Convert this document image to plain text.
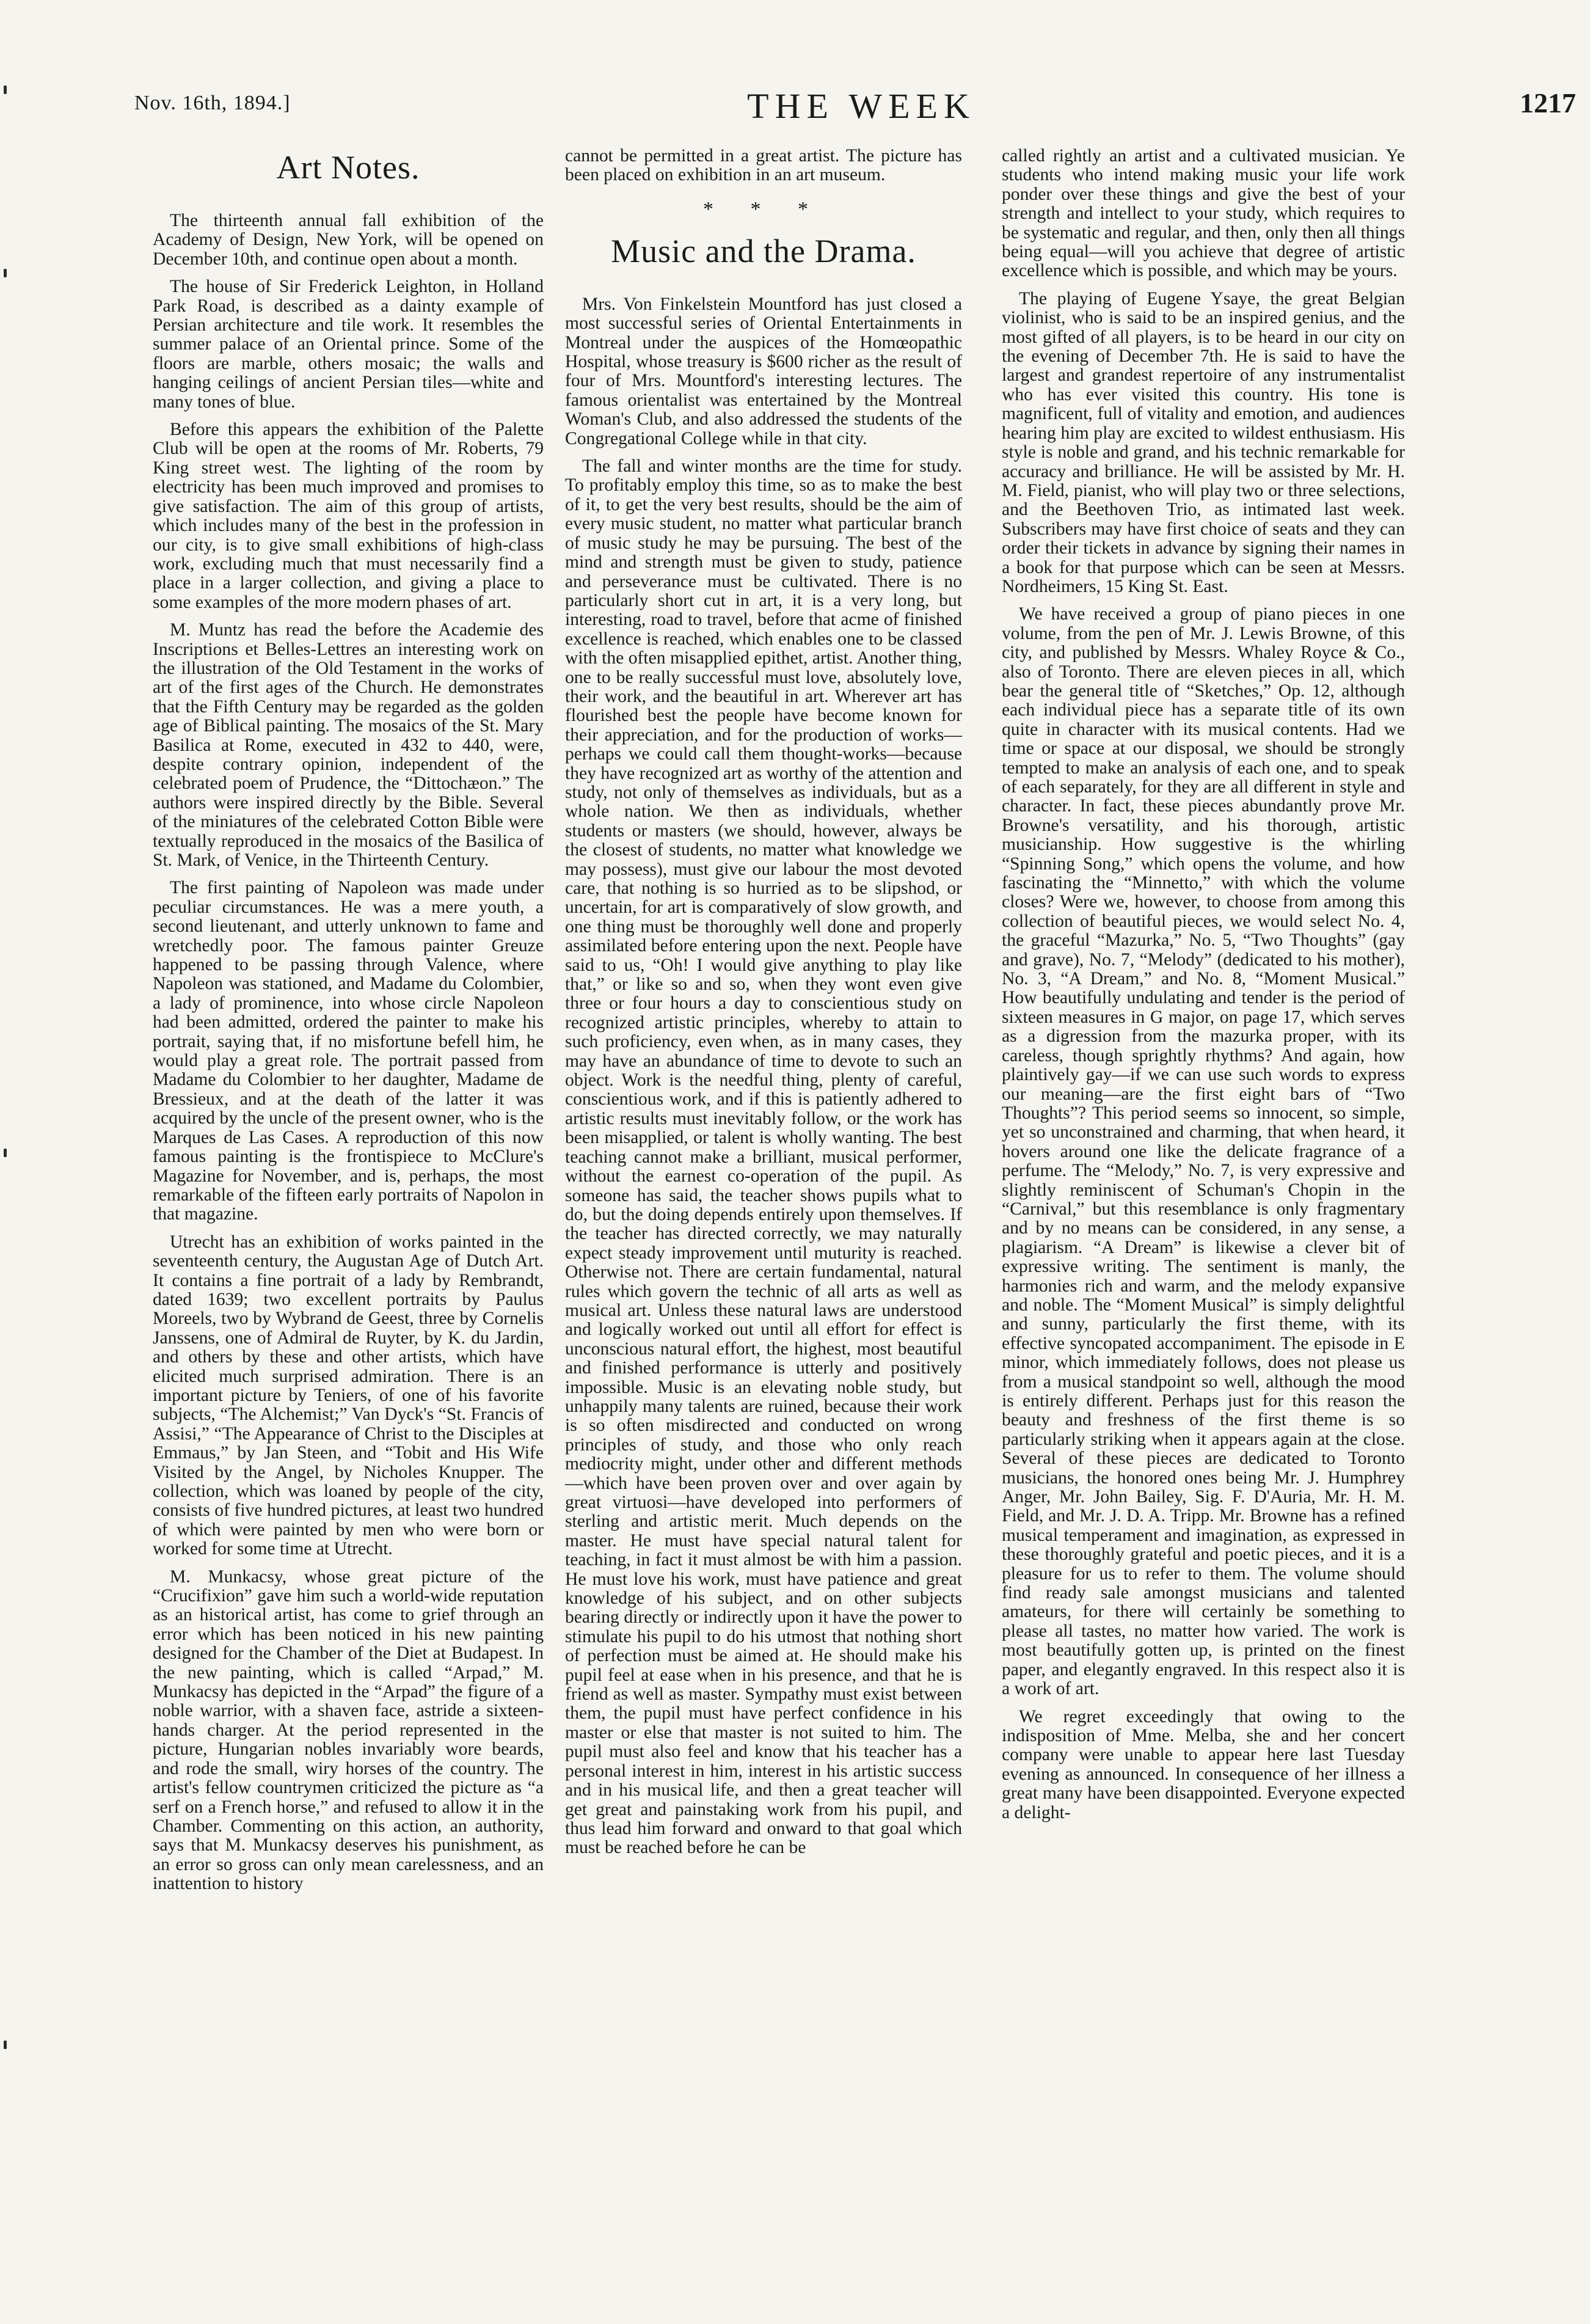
Nov. 16th, 1894.]	THE WEEK	1217
Art Notes.

The thirteenth annual fall exhibition of the Academy of Design, New York, will be opened on December 10th, and continue open about a month.

The house of Sir Frederick Leighton, in Holland Park Road, is described as a dainty example of Persian architecture and tile work. It resembles the summer palace of an Oriental prince. Some of the floors are marble, others mosaic; the walls and hanging ceilings of ancient Persian tiles—white and many tones of blue.

Before this appears the exhibition of the Palette Club will be open at the rooms of Mr. Roberts, 79 King street west. The lighting of the room by electricity has been much improved and promises to give satisfaction. The aim of this group of artists, which includes many of the best in the profession in our city, is to give small exhibitions of high-class work, excluding much that must necessarily find a place in a larger collection, and giving a place to some examples of the more modern phases of art.

M. Muntz has read the before the Academie des Inscriptions et Belles-Lettres an interesting work on the illustration of the Old Testament in the works of art of the first ages of the Church. He demonstrates that the Fifth Century may be regarded as the golden age of Biblical painting. The mosaics of the St. Mary Basilica at Rome, executed in 432 to 440, were, despite contrary opinion, independent of the celebrated poem of Prudence, the “Dittochæon.” The authors were inspired directly by the Bible. Several of the miniatures of the celebrated Cotton Bible were textually reproduced in the mosaics of the Basilica of St. Mark, of Venice, in the Thirteenth Century.

The first painting of Napoleon was made under peculiar circumstances. He was a mere youth, a second lieutenant, and utterly unknown to fame and wretchedly poor. The famous painter Greuze happened to be passing through Valence, where Napoleon was stationed, and Madame du Colombier, a lady of prominence, into whose circle Napoleon had been admitted, ordered the painter to make his portrait, saying that, if no misfortune befell him, he would play a great role. The portrait passed from Madame du Colombier to her daughter, Madame de Bressieux, and at the death of the latter it was acquired by the uncle of the present owner, who is the Marques de Las Cases. A reproduction of this now famous painting is the frontispiece to McClure's Magazine for November, and is, perhaps, the most remarkable of the fifteen early portraits of Napolon in that magazine.

Utrecht has an exhibition of works painted in the seventeenth century, the Augustan Age of Dutch Art. It contains a fine portrait of a lady by Rembrandt, dated 1639; two excellent portraits by Paulus Moreels, two by Wybrand de Geest, three by Cornelis Janssens, one of Admiral de Ruyter, by K. du Jardin, and others by these and other artists, which have elicited much surprised admiration. There is an important picture by Teniers, of one of his favorite subjects, “The Alchemist;” Van Dyck's “St. Francis of Assisi,” “The Appearance of Christ to the Disciples at Emmaus,” by Jan Steen, and “Tobit and His Wife Visited by the Angel, by Nicholes Knupper. The collection, which was loaned by people of the city, consists of five hundred pictures, at least two hundred of which were painted by men who were born or worked for some time at Utrecht.

M. Munkacsy, whose great picture of the “Crucifixion” gave him such a world-wide reputation as an historical artist, has come to grief through an error which has been noticed in his new painting designed for the Chamber of the Diet at Budapest. In the new painting, which is called “Arpad,” M. Munkacsy has depicted in the “Arpad” the figure of a noble warrior, with a shaven face, astride a sixteen-hands charger. At the period represented in the picture, Hungarian nobles invariably wore beards, and rode the small, wiry horses of the country. The artist's fellow countrymen criticized the picture as “a serf on a French horse,” and refused to allow it in the Chamber. Commenting on this action, an authority, says that M. Munkacsy deserves his punishment, as an error so gross can only mean carelessness, and an inattention to history

cannot be permitted in a great artist. The picture has been placed on exhibition in an art museum.

* * *
Music and the Drama.

Mrs. Von Finkelstein Mountford has just closed a most successful series of Oriental Entertainments in Montreal under the auspices of the Homœopathic Hospital, whose treasury is $600 richer as the result of four of Mrs. Mountford's interesting lectures. The famous orientalist was entertained by the Montreal Woman's Club, and also addressed the students of the Congregational College while in that city.

The fall and winter months are the time for study. To profitably employ this time, so as to make the best of it, to get the very best results, should be the aim of every music student, no matter what particular branch of music study he may be pursuing. The best of the mind and strength must be given to study, patience and perseverance must be cultivated. There is no particularly short cut in art, it is a very long, but interesting, road to travel, before that acme of finished excellence is reached, which enables one to be classed with the often misapplied epithet, artist. Another thing, one to be really successful must love, absolutely love, their work, and the beautiful in art. Wherever art has flourished best the people have become known for their appreciation, and for the production of works—perhaps we could call them thought-works—because they have recognized art as worthy of the attention and study, not only of themselves as individuals, but as a whole nation. We then as individuals, whether students or masters (we should, however, always be the closest of students, no matter what knowledge we may possess), must give our labour the most devoted care, that nothing is so hurried as to be slipshod, or uncertain, for art is comparatively of slow growth, and one thing must be thoroughly well done and properly assimilated before entering upon the next. People have said to us, “Oh! I would give anything to play like that,” or like so and so, when they wont even give three or four hours a day to conscientious study on recognized artistic principles, whereby to attain to such proficiency, even when, as in many cases, they may have an abundance of time to devote to such an object. Work is the needful thing, plenty of careful, conscientious work, and if this is patiently adhered to artistic results must inevitably follow, or the work has been misapplied, or talent is wholly wanting. The best teaching cannot make a brilliant, musical performer, without the earnest co-operation of the pupil. As someone has said, the teacher shows pupils what to do, but the doing depends entirely upon themselves. If the teacher has directed correctly, we may naturally expect steady improvement until muturity is reached. Otherwise not. There are certain fundamental, natural rules which govern the technic of all arts as well as musical art. Unless these natural laws are understood and logically worked out until all effort for effect is unconscious natural effort, the highest, most beautiful and finished performance is utterly and positively impossible. Music is an elevating noble study, but unhappily many talents are ruined, because their work is so often misdirected and conducted on wrong principles of study, and those who only reach mediocrity might, under other and different methods—which have been proven over and over again by great virtuosi—have developed into performers of sterling and artistic merit. Much depends on the master. He must have special natural talent for teaching, in fact it must almost be with him a passion. He must love his work, must have patience and great knowledge of his subject, and on other subjects bearing directly or indirectly upon it have the power to stimulate his pupil to do his utmost that nothing short of perfection must be aimed at. He should make his pupil feel at ease when in his presence, and that he is friend as well as master. Sympathy must exist between them, the pupil must have perfect confidence in his master or else that master is not suited to him. The pupil must also feel and know that his teacher has a personal interest in him, interest in his artistic success and in his musical life, and then a great teacher will get great and painstaking work from his pupil, and thus lead him forward and onward to that goal which must be reached before he can be

called rightly an artist and a cultivated musician. Ye students who intend making music your life work ponder over these things and give the best of your strength and intellect to your study, which requires to be systematic and regular, and then, only then all things being equal—will you achieve that degree of artistic excellence which is possible, and which may be yours.

The playing of Eugene Ysaye, the great Belgian violinist, who is said to be an inspired genius, and the most gifted of all players, is to be heard in our city on the evening of December 7th. He is said to have the largest and grandest repertoire of any instrumentalist who has ever visited this country. His tone is magnificent, full of vitality and emotion, and audiences hearing him play are excited to wildest enthusiasm. His style is noble and grand, and his technic remarkable for accuracy and brilliance. He will be assisted by Mr. H. M. Field, pianist, who will play two or three selections, and the Beethoven Trio, as intimated last week. Subscribers may have first choice of seats and they can order their tickets in advance by signing their names in a book for that purpose which can be seen at Messrs. Nordheimers, 15 King St. East.

We have received a group of piano pieces in one volume, from the pen of Mr. J. Lewis Browne, of this city, and published by Messrs. Whaley Royce & Co., also of Toronto. There are eleven pieces in all, which bear the general title of “Sketches,” Op. 12, although each individual piece has a separate title of its own quite in character with its musical contents. Had we time or space at our disposal, we should be strongly tempted to make an analysis of each one, and to speak of each separately, for they are all different in style and character. In fact, these pieces abundantly prove Mr. Browne's versatility, and his thorough, artistic musicianship. How suggestive is the whirling “Spinning Song,” which opens the volume, and how fascinating the “Minnetto,” with which the volume closes? Were we, however, to choose from among this collection of beautiful pieces, we would select No. 4, the graceful “Mazurka,” No. 5, “Two Thoughts” (gay and grave), No. 7, “Melody” (dedicated to his mother), No. 3, “A Dream,” and No. 8, “Moment Musical.” How beautifully undulating and tender is the period of sixteen measures in G major, on page 17, which serves as a digression from the mazurka proper, with its careless, though sprightly rhythms? And again, how plaintively gay—if we can use such words to express our meaning—are the first eight bars of “Two Thoughts”? This period seems so innocent, so simple, yet so unconstrained and charming, that when heard, it hovers around one like the delicate fragrance of a perfume. The “Melody,” No. 7, is very expressive and slightly reminiscent of Schuman's Chopin in the “Carnival,” but this resemblance is only fragmentary and by no means can be considered, in any sense, a plagiarism. “A Dream” is likewise a clever bit of expressive writing. The sentiment is manly, the harmonies rich and warm, and the melody expansive and noble. The “Moment Musical” is simply delightful and sunny, particularly the first theme, with its effective syncopated accompaniment. The episode in E minor, which immediately follows, does not please us from a musical standpoint so well, although the mood is entirely different. Perhaps just for this reason the beauty and freshness of the first theme is so particularly striking when it appears again at the close. Several of these pieces are dedicated to Toronto musicians, the honored ones being Mr. J. Humphrey Anger, Mr. John Bailey, Sig. F. D'Auria, Mr. H. M. Field, and Mr. J. D. A. Tripp. Mr. Browne has a refined musical temperament and imagination, as expressed in these thoroughly grateful and poetic pieces, and it is a pleasure for us to refer to them. The volume should find ready sale amongst musicians and talented amateurs, for there will certainly be something to please all tastes, no matter how varied. The work is most beautifully gotten up, is printed on the finest paper, and elegantly engraved. In this respect also it is a work of art.

We regret exceedingly that owing to the indisposition of Mme. Melba, she and her concert company were unable to appear here last Tuesday evening as announced. In consequence of her illness a great many have been disappointed. Everyone expected a delight-
